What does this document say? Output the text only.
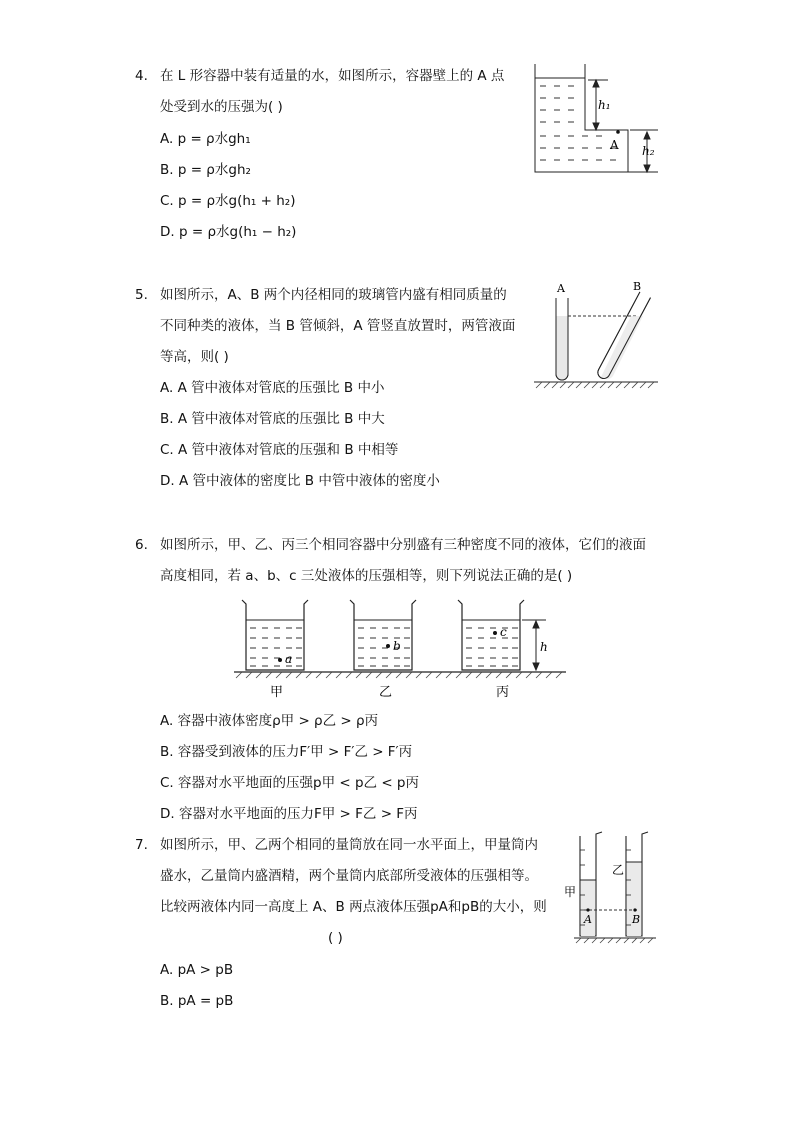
4. 在 L 形容器中装有适量的水，如图所示，容器壁上的 A 点
处受到水的压强为( )
A. p = ρ水gh₁
B. p = ρ水gh₂
C. p = ρ水g(h₁ + h₂)
D. p = ρ水g(h₁ − h₂)
A
h₁
h₂
5. 如图所示，A、B 两个内径相同的玻璃管内盛有相同质量的
不同种类的液体，当 B 管倾斜，A 管竖直放置时，两管液面
等高，则( )
A. A 管中液体对管底的压强比 B 中小
B. A 管中液体对管底的压强比 B 中大
C. A 管中液体对管底的压强和 B 中相等
D. A 管中液体的密度比 B 中管中液体的密度小
A	B
6. 如图所示，甲、乙、丙三个相同容器中分别盛有三种密度不同的液体，它们的液面
高度相同，若 a、b、c 三处液体的压强相等，则下列说法正确的是( )
a
b
c
h
甲	乙	丙
A. 容器中液体密度ρ甲 > ρ乙 > ρ丙
B. 容器受到液体的压力F′甲 > F′乙 > F′丙
C. 容器对水平地面的压强p甲 < p乙 < p丙
D. 容器对水平地面的压力F甲 > F乙 > F丙
7. 如图所示，甲、乙两个相同的量筒放在同一水平面上，甲量筒内
盛水，乙量筒内盛酒精，两个量筒内底部所受液体的压强相等。
比较两液体内同一高度上 A、B 两点液体压强pA和pB的大小，则
( )
A. pA > pB
B. pA = pB
A	B
甲
乙
